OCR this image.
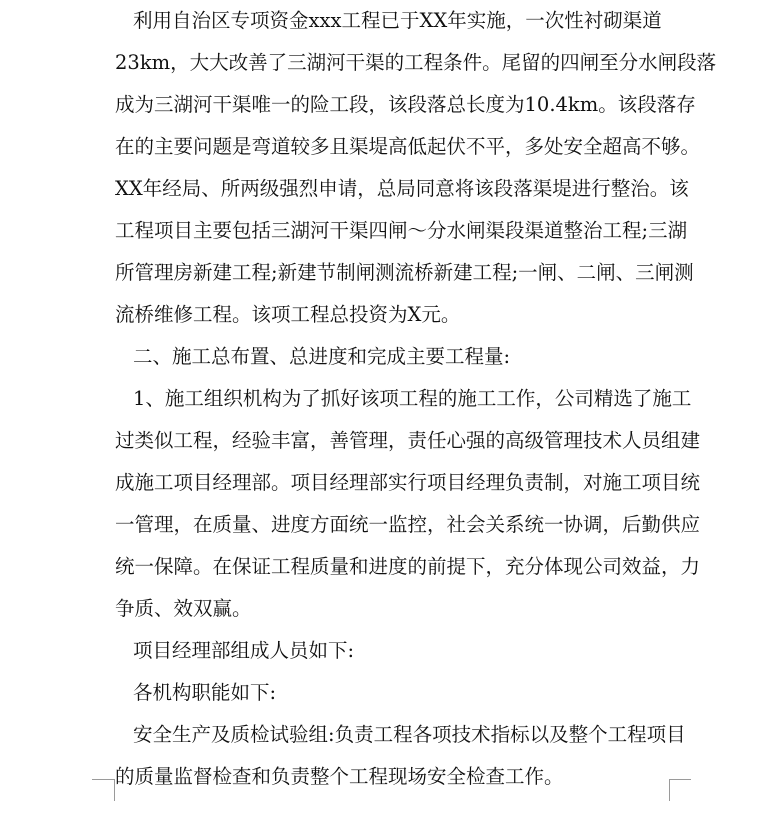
利用自治区专项资金xxx工程已于XX年实施，一次性衬砌渠道
23km，大大改善了三湖河干渠的工程条件。尾留的四闸至分水闸段落
成为三湖河干渠唯一的险工段，该段落总长度为10.4km。该段落存
在的主要问题是弯道较多且渠堤高低起伏不平，多处安全超高不够。
XX年经局、所两级强烈申请，总局同意将该段落渠堤进行整治。该
工程项目主要包括三湖河干渠四闸～分水闸渠段渠道整治工程;三湖
所管理房新建工程;新建节制闸测流桥新建工程;一闸、二闸、三闸测
流桥维修工程。该项工程总投资为X元。
二、施工总布置、总进度和完成主要工程量:
1、施工组织机构为了抓好该项工程的施工工作，公司精选了施工
过类似工程，经验丰富，善管理，责任心强的高级管理技术人员组建
成施工项目经理部。项目经理部实行项目经理负责制，对施工项目统
一管理，在质量、进度方面统一监控，社会关系统一协调，后勤供应
统一保障。在保证工程质量和进度的前提下，充分体现公司效益，力
争质、效双赢。
项目经理部组成人员如下:
各机构职能如下:
安全生产及质检试验组:负责工程各项技术指标以及整个工程项目
的质量监督检查和负责整个工程现场安全检查工作。
